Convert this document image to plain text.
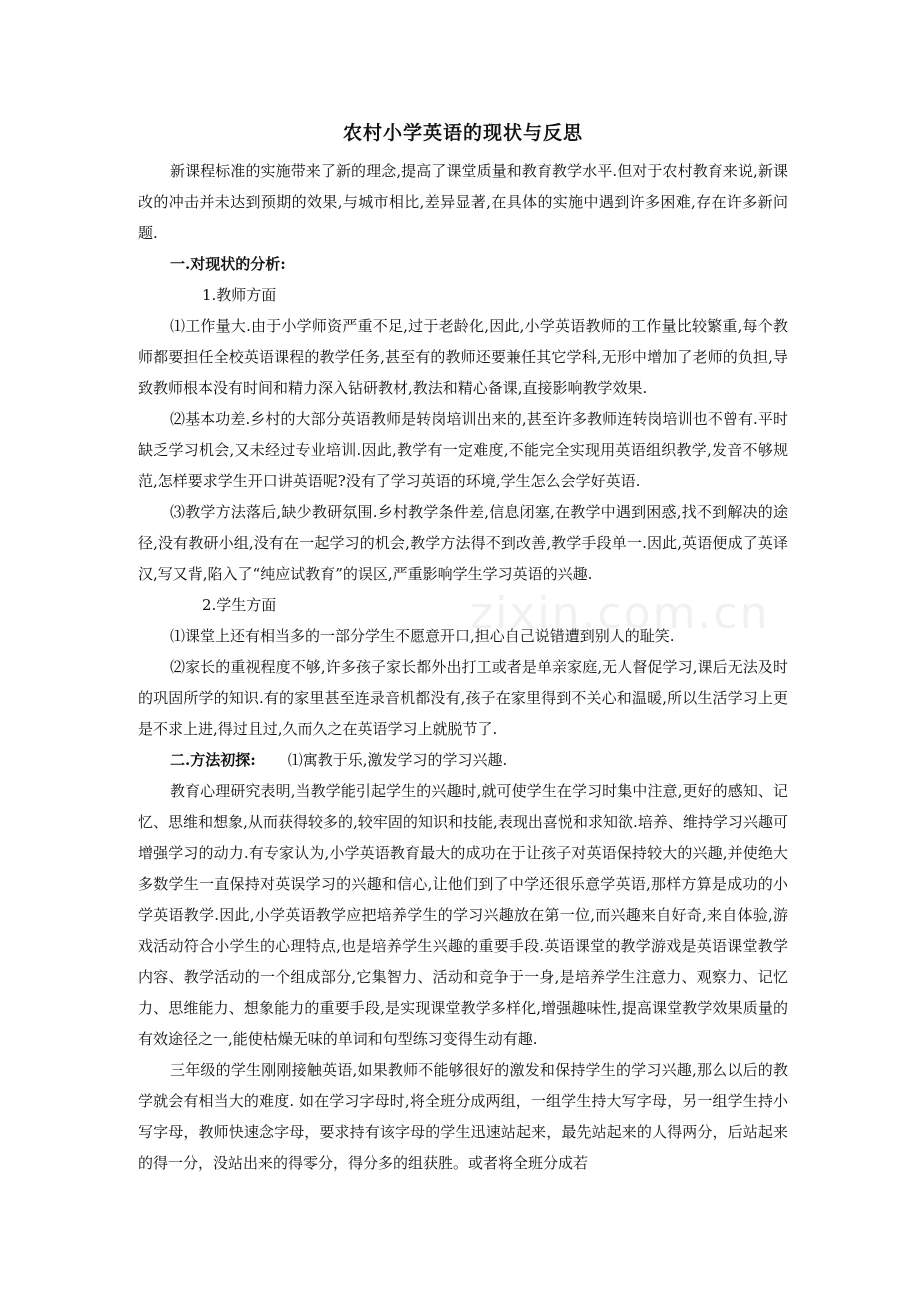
zixin.com.cn
农村小学英语的现状与反思

新课程标准的实施带来了新的理念,提高了课堂质量和教育教学水平.但对于农村教育来说,新课改的冲击并未达到预期的效果,与城市相比,差异显著,在具体的实施中遇到许多困难,存在许多新问题.

一.对现状的分析:

1.教师方面

⑴工作量大.由于小学师资严重不足,过于老龄化,因此,小学英语教师的工作量比较繁重,每个教师都要担任全校英语课程的教学任务,甚至有的教师还要兼任其它学科,无形中增加了老师的负担,导致教师根本没有时间和精力深入钻研教材,教法和精心备课,直接影响教学效果.

⑵基本功差.乡村的大部分英语教师是转岗培训出来的,甚至许多教师连转岗培训也不曾有.平时缺乏学习机会,又未经过专业培训.因此,教学有一定难度,不能完全实现用英语组织教学,发音不够规范,怎样要求学生开口讲英语呢?没有了学习英语的环境,学生怎么会学好英语.

⑶教学方法落后,缺少教研氛围.乡村教学条件差,信息闭塞,在教学中遇到困惑,找不到解决的途径,没有教研小组,没有在一起学习的机会,教学方法得不到改善,教学手段单一.因此,英语便成了英译汉,写又背,陷入了“纯应试教育”的误区,严重影响学生学习英语的兴趣.

2.学生方面

⑴课堂上还有相当多的一部分学生不愿意开口,担心自己说错遭到别人的耻笑.

⑵家长的重视程度不够,许多孩子家长都外出打工或者是单亲家庭,无人督促学习,课后无法及时的巩固所学的知识.有的家里甚至连录音机都没有,孩子在家里得到不关心和温暖,所以生活学习上更是不求上进,得过且过,久而久之在英语学习上就脱节了.

二.方法初探: ⑴寓教于乐,激发学习的学习兴趣.

教育心理研究表明,当教学能引起学生的兴趣时,就可使学生在学习时集中注意,更好的感知、记忆、思维和想象,从而获得较多的,较牢固的知识和技能,表现出喜悦和求知欲.培养、维持学习兴趣可增强学习的动力.有专家认为,小学英语教育最大的成功在于让孩子对英语保持较大的兴趣,并使绝大多数学生一直保持对英误学习的兴趣和信心,让他们到了中学还很乐意学英语,那样方算是成功的小学英语教学.因此,小学英语教学应把培养学生的学习兴趣放在第一位,而兴趣来自好奇,来自体验,游戏活动符合小学生的心理特点,也是培养学生兴趣的重要手段.英语课堂的教学游戏是英语课堂教学内容、教学活动的一个组成部分,它集智力、活动和竞争于一身,是培养学生注意力、观察力、记忆力、思维能力、想象能力的重要手段,是实现课堂教学多样化,增强趣味性,提高课堂教学效果质量的有效途径之一,能使枯燥无味的单词和句型练习变得生动有趣.

三年级的学生刚刚接触英语,如果教师不能够很好的激发和保持学生的学习兴趣,那么以后的教学就会有相当大的难度. 如在学习字母时,将全班分成两组，一组学生持大写字母，另一组学生持小写字母，教师快速念字母，要求持有该字母的学生迅速站起来，最先站起来的人得两分，后站起来的得一分，没站出来的得零分，得分多的组获胜。或者将全班分成若
